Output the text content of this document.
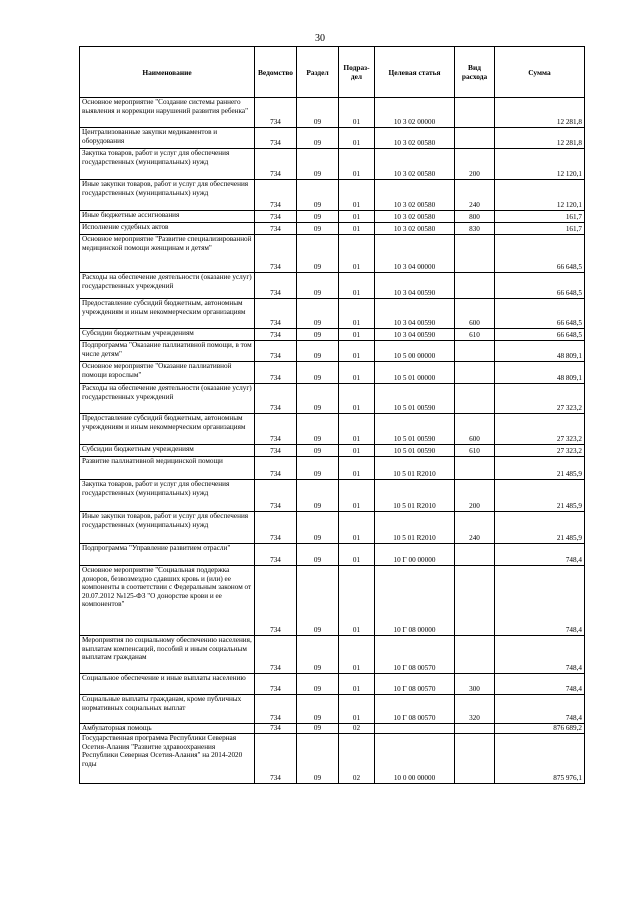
30
Наименование	Ведомство	Раздел	Подраз-дел	Целевая статья	Вид расхода	Сумма
Основное мероприятие "Создание системы раннего выявления и коррекции нарушений развития ребенка"	734	09	01	10 3 02 00000		12 281,8
Централизованные закупки медикаментов и оборудования	734	09	01	10 3 02 00580		12 281,8
Закупка товаров, работ и услуг для обеспечения государственных (муниципальных) нужд	734	09	01	10 3 02 00580	200	12 120,1
Иные закупки товаров, работ и услуг для обеспечения государственных (муниципальных) нужд	734	09	01	10 3 02 00580	240	12 120,1
Иные бюджетные ассигнования	734	09	01	10 3 02 00580	800	161,7
Исполнение судебных актов	734	09	01	10 3 02 00580	830	161,7
Основное мероприятие "Развитие специализированной медицинской помощи женщинам и детям"	734	09	01	10 3 04 00000		66 648,5
Расходы на обеспечение деятельности (оказание услуг) государственных учреждений	734	09	01	10 3 04 00590		66 648,5
Предоставление субсидий бюджетным, автономным учреждениям и иным некоммерческим организациям	734	09	01	10 3 04 00590	600	66 648,5
Субсидии бюджетным учреждениям	734	09	01	10 3 04 00590	610	66 648,5
Подпрограмма "Оказание паллиативной помощи, в том числе детям"	734	09	01	10 5 00 00000		48 809,1
Основное мероприятие "Оказание паллиативной помощи взрослым"	734	09	01	10 5 01 00000		48 809,1
Расходы на обеспечение деятельности (оказание услуг) государственных учреждений	734	09	01	10 5 01 00590		27 323,2
Предоставление субсидий бюджетным, автономным учреждениям и иным некоммерческим организациям	734	09	01	10 5 01 00590	600	27 323,2
Субсидии бюджетным учреждениям	734	09	01	10 5 01 00590	610	27 323,2
Развитие паллиативной медицинской помощи	734	09	01	10 5 01 R2010		21 485,9
Закупка товаров, работ и услуг для обеспечения государственных (муниципальных) нужд	734	09	01	10 5 01 R2010	200	21 485,9
Иные закупки товаров, работ и услуг для обеспечения государственных (муниципальных) нужд	734	09	01	10 5 01 R2010	240	21 485,9
Подпрограмма "Управление развитием отрасли"	734	09	01	10 Г 00 00000		748,4
Основное мероприятие "Социальная поддержка доноров, безвозмездно сдавших кровь и (или) ее компоненты в соответствии с Федеральным законом от 20.07.2012 №125-ФЗ "О донорстве крови и ее компонентов"	734	09	01	10 Г 08 00000		748,4
Мероприятия по социальному обеспечению населения, выплатам компенсаций, пособий и иным социальным выплатам гражданам	734	09	01	10 Г 08 00570		748,4
Социальное обеспечение и иные выплаты населению	734	09	01	10 Г 08 00570	300	748,4
Социальные выплаты гражданам, кроме публичных нормативных социальных выплат	734	09	01	10 Г 08 00570	320	748,4
Амбулаторная помощь	734	09	02			876 689,2
Государственная программа Республики Северная Осетия-Алания "Развитие здравоохранения Республики Северная Осетия-Алания" на 2014-2020 годы	734	09	02	10 0 00 00000		875 976,1
